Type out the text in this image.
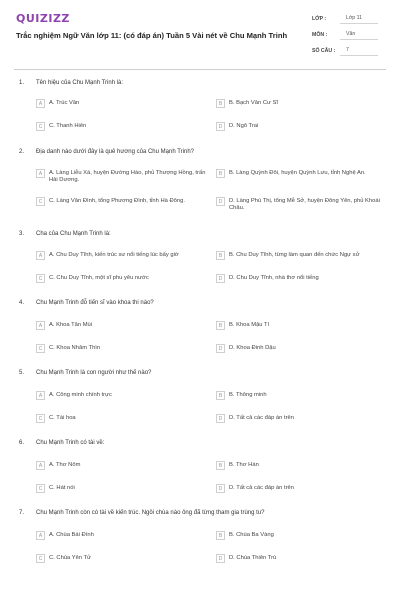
QUIZIZZ
Trắc nghiệm Ngữ Văn lớp 11: (có đáp án) Tuần 5 Vài nét về Chu Mạnh Trinh
LỚP :	Lớp 11
MÔN :	Văn
SỐ CÂU :	7
1. Tên hiệu của Chu Mạnh Trinh là:
A	A. Trúc Vân	B	B. Bạch Vân Cư Sĩ
C	C. Thanh Hiên	D	D. Ngô Trai
2. Địa danh nào dưới đây là quê hương của Chu Mạnh Trinh?
A	A. Làng Liễu Xá, huyện Đường Hào, phủ Thượng Hồng, trấn Hải Dương.
B	B. Làng Quỳnh Đôi, huyện Quỳnh Lưu, tỉnh Nghệ An.
C	C. Làng Vân Đình, tổng Phương Đình, tỉnh Hà Đông.	D	D. Làng Phú Thị, tổng Mễ Sở, huyện Đông Yên, phủ Khoái Châu.
3. Cha của Chu Mạnh Trinh là:
A	A. Chu Duy Tĩnh, kiến trúc sư nổi tiếng lúc bấy giờ	B	B. Chu Duy Tĩnh, từng làm quan đến chức Ngự sử
C	C. Chu Duy Tĩnh, một sĩ phu yêu nước	D	D. Chu Duy Tĩnh, nhà thơ nổi tiếng
4. Chu Mạnh Trinh đỗ tiến sĩ vào khoa thi nào?
A	A. Khoa Tân Mùi	B	B. Khoa Mậu Tí
C	C. Khoa Nhâm Thìn	D	D. Khoa Đinh Dậu
5. Chu Mạnh Trinh là con người như thế nào?
A	A. Công minh chính trực	B	B. Thông minh
C	C. Tài hoa	D	D. Tất cả các đáp án trên
6. Chu Mạnh Trinh có tài về:
A	A. Thơ Nôm	B	B. Thơ Hán
C	C. Hát nói	D	D. Tất cả các đáp án trên
7. Chu Mạnh Trinh còn có tài về kiến trúc. Ngôi chùa nào ông đã từng tham gia trùng tu?
A	A. Chùa Bái Đính	B	B. Chùa Ba Vàng
C	C. Chùa Yên Tử	D	D. Chùa Thiên Trù
